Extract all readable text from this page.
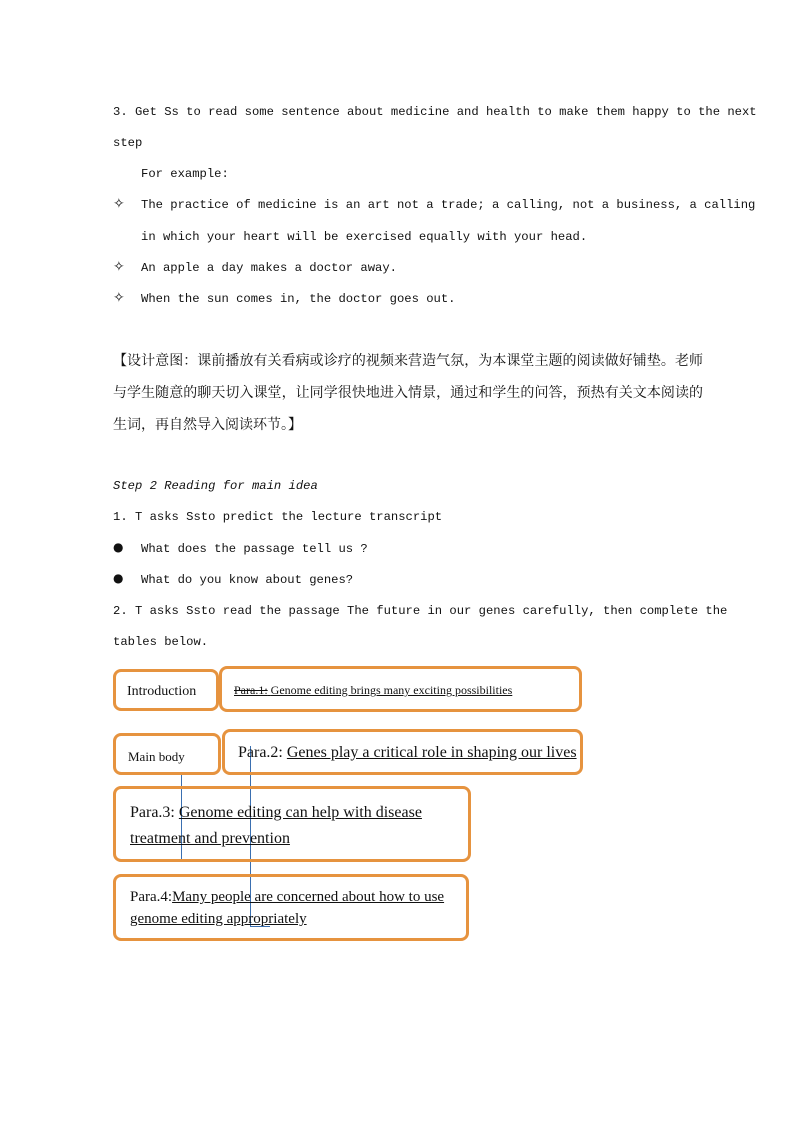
3. Get Ss to read some sentence about medicine and health to make them happy to the next
step
For example:
✧ The practice of medicine is an art not a trade; a calling, not a business, a calling
in which your heart will be exercised equally with your head.
✧ An apple a day makes a doctor away.
✧ When the sun comes in, the doctor goes out.
【设计意图：课前播放有关看病或诊疗的视频来营造气氛，为本课堂主题的阅读做好铺垫。老师与学生随意的聊天切入课堂，让同学很快地进入情景，通过和学生的问答，预热有关文本阅读的生词，再自然导入阅读环节。】
Step 2 Reading for main idea
1. T asks Ssto predict the lecture transcript
● What does the passage tell us ?
● What do you know about genes?
2. T asks Ssto read the passage The future in our genes carefully, then complete the
tables below.
Introduction	Para.1: Genome editing brings many exciting possibilities
Main body	Para.2: Genes play a critical role in shaping our lives
Para.3: Genome editing can help with disease
treatment and prevention
Para.4:Many people are concerned about how to use
genome editing appropriately
